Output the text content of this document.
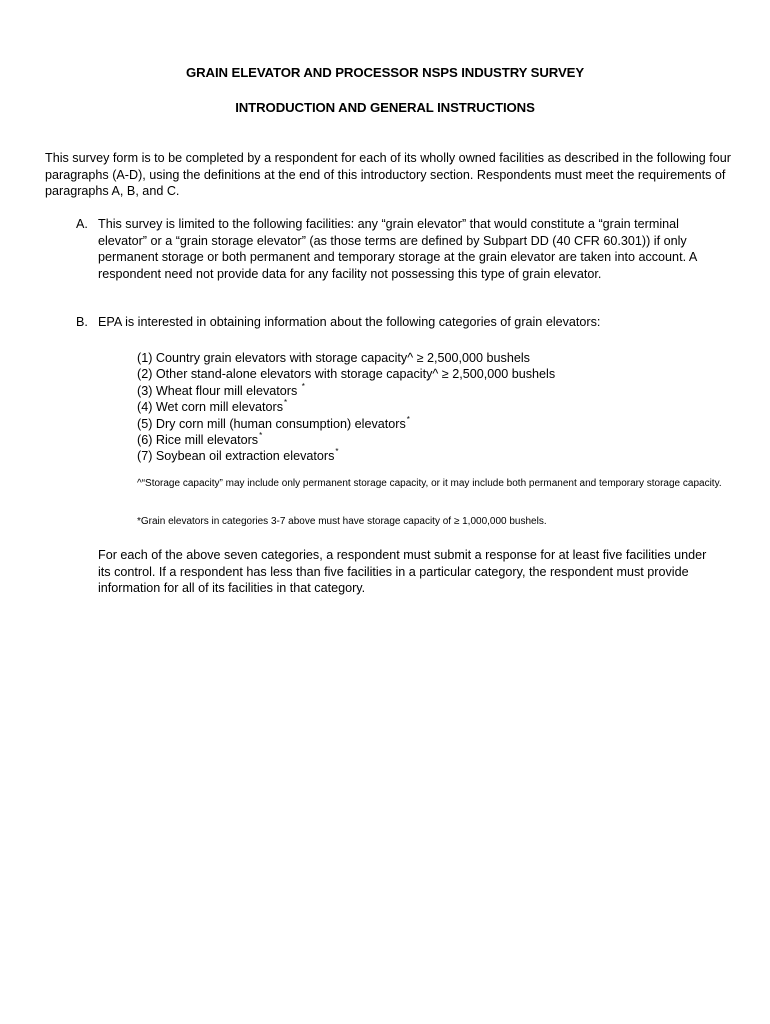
GRAIN ELEVATOR AND PROCESSOR NSPS INDUSTRY SURVEY
INTRODUCTION AND GENERAL INSTRUCTIONS
This survey form is to be completed by a respondent for each of its wholly owned facilities as described in the following four paragraphs (A-D), using the definitions at the end of this introductory section. Respondents must meet the requirements of paragraphs A, B, and C.
A. This survey is limited to the following facilities: any “grain elevator” that would constitute a “grain terminal elevator” or a “grain storage elevator” (as those terms are defined by Subpart DD (40 CFR 60.301)) if only permanent storage or both permanent and temporary storage at the grain elevator are taken into account. A respondent need not provide data for any facility not possessing this type of grain elevator.
B. EPA is interested in obtaining information about the following categories of grain elevators:
(1) Country grain elevators with storage capacity^ ≥ 2,500,000 bushels
(2) Other stand-alone elevators with storage capacity^ ≥ 2,500,000 bushels
(3) Wheat flour mill elevators *
(4) Wet corn mill elevators*
(5) Dry corn mill (human consumption) elevators*
(6) Rice mill elevators*
(7) Soybean oil extraction elevators*
^“Storage capacity” may include only permanent storage capacity, or it may include both permanent and temporary storage capacity.
*Grain elevators in categories 3-7 above must have storage capacity of ≥ 1,000,000 bushels.
For each of the above seven categories, a respondent must submit a response for at least five facilities under its control. If a respondent has less than five facilities in a particular category, the respondent must provide information for all of its facilities in that category.
